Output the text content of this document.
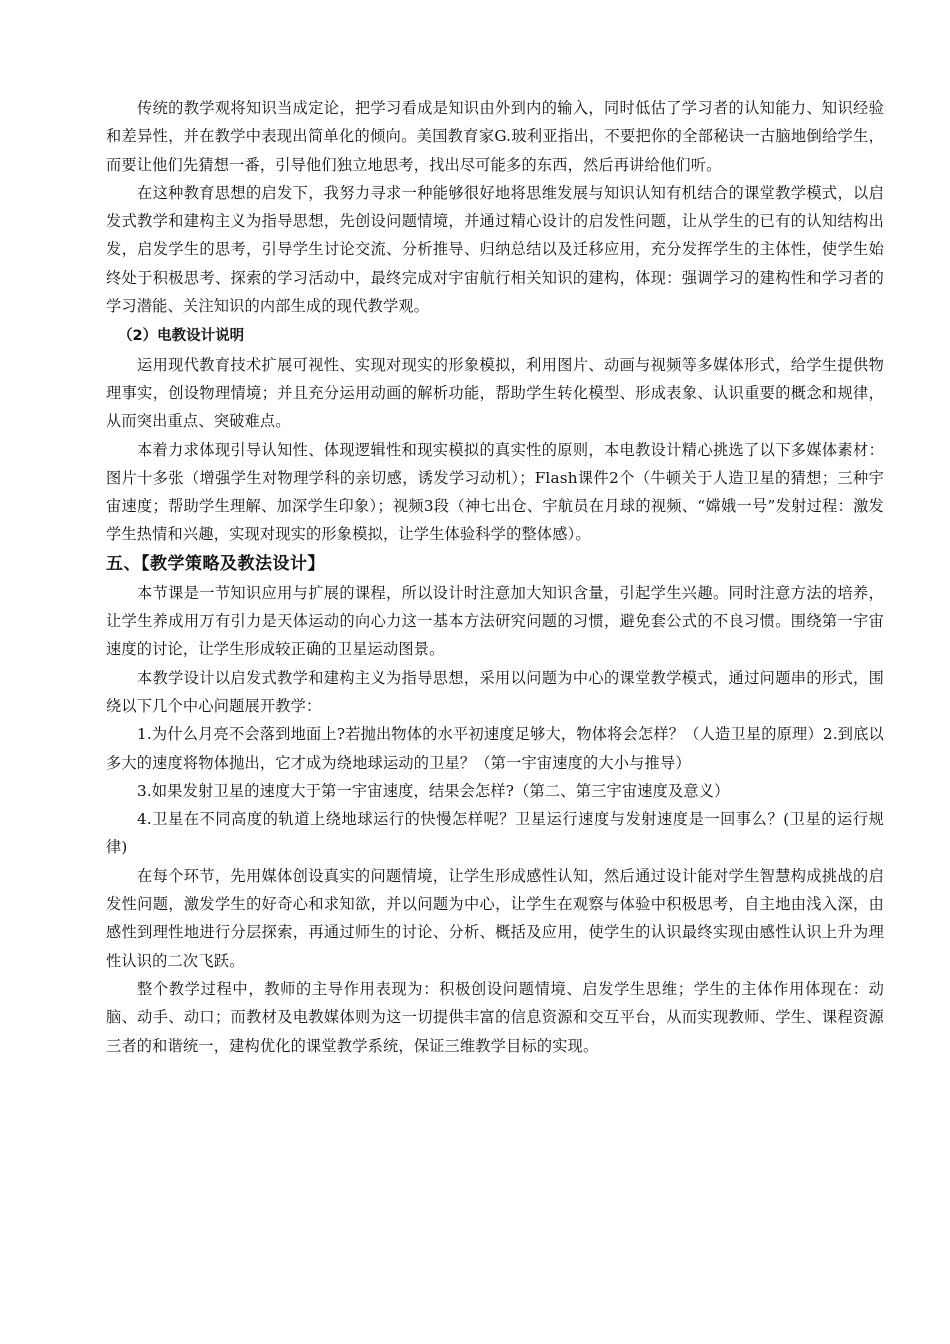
传统的教学观将知识当成定论，把学习看成是知识由外到内的输入，同时低估了学习者的认知能力、知识经验和差异性，并在教学中表现出简单化的倾向。美国教育家G.玻利亚指出，不要把你的全部秘诀一古脑地倒给学生，而要让他们先猜想一番，引导他们独立地思考，找出尽可能多的东西，然后再讲给他们听。

在这种教育思想的启发下，我努力寻求一种能够很好地将思维发展与知识认知有机结合的课堂教学模式，以启发式教学和建构主义为指导思想，先创设问题情境，并通过精心设计的启发性问题，让从学生的已有的认知结构出发，启发学生的思考，引导学生讨论交流、分析推导、归纳总结以及迁移应用，充分发挥学生的主体性，使学生始终处于积极思考、探索的学习活动中，最终完成对宇宙航行相关知识的建构，体现：强调学习的建构性和学习者的学习潜能、关注知识的内部生成的现代教学观。

（2）电教设计说明

运用现代教育技术扩展可视性、实现对现实的形象模拟，利用图片、动画与视频等多媒体形式，给学生提供物理事实，创设物理情境；并且充分运用动画的解析功能，帮助学生转化模型、形成表象、认识重要的概念和规律，从而突出重点、突破难点。

本着力求体现引导认知性、体现逻辑性和现实模拟的真实性的原则，本电教设计精心挑选了以下多媒体素材：图片十多张（增强学生对物理学科的亲切感，诱发学习动机）；Flash课件2个（牛顿关于人造卫星的猜想；三种宇宙速度；帮助学生理解、加深学生印象）；视频3段（神七出仓、宇航员在月球的视频、“嫦娥一号”发射过程：激发学生热情和兴趣，实现对现实的形象模拟，让学生体验科学的整体感）。

五、【教学策略及教法设计】

本节课是一节知识应用与扩展的课程，所以设计时注意加大知识含量，引起学生兴趣。同时注意方法的培养，让学生养成用万有引力是天体运动的向心力这一基本方法研究问题的习惯，避免套公式的不良习惯。围绕第一宇宙速度的讨论，让学生形成较正确的卫星运动图景。

本教学设计以启发式教学和建构主义为指导思想，采用以问题为中心的课堂教学模式，通过问题串的形式，围绕以下几个中心问题展开教学：

1.为什么月亮不会落到地面上?若抛出物体的水平初速度足够大，物体将会怎样？（人造卫星的原理）2.到底以多大的速度将物体抛出，它才成为绕地球运动的卫星？（第一宇宙速度的大小与推导）

3.如果发射卫星的速度大于第一宇宙速度，结果会怎样?（第二、第三宇宙速度及意义）

4.卫星在不同高度的轨道上绕地球运行的快慢怎样呢？卫星运行速度与发射速度是一回事么？(卫星的运行规律)

在每个环节，先用媒体创设真实的问题情境，让学生形成感性认知，然后通过设计能对学生智慧构成挑战的启发性问题，激发学生的好奇心和求知欲，并以问题为中心，让学生在观察与体验中积极思考，自主地由浅入深，由感性到理性地进行分层探索，再通过师生的讨论、分析、概括及应用，使学生的认识最终实现由感性认识上升为理性认识的二次飞跃。

整个教学过程中，教师的主导作用表现为：积极创设问题情境、启发学生思维；学生的主体作用体现在：动脑、动手、动口；而教材及电教媒体则为这一切提供丰富的信息资源和交互平台，从而实现教师、学生、课程资源三者的和谐统一，建构优化的课堂教学系统，保证三维教学目标的实现。
